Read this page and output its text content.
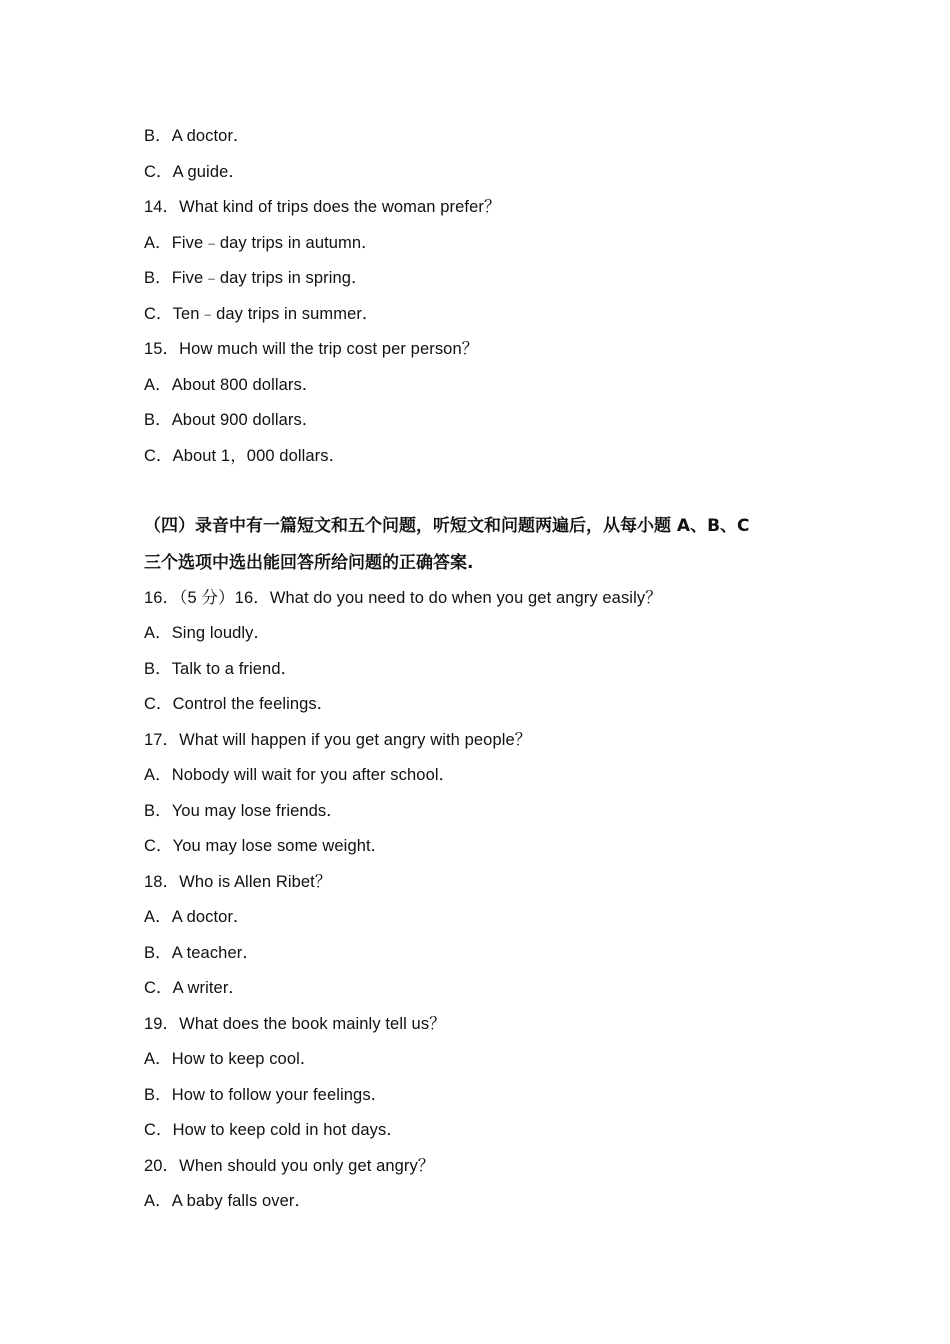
B．A doctor．
C．A guide．
14．What kind of trips does the woman prefer？
A．Five﹣day trips in autumn．
B．Five﹣day trips in spring．
C．Ten﹣day trips in summer．
15．How much will the trip cost per person？
A．About 800 dollars．
B．About 900 dollars．
C．About 1，000 dollars．
（四）录音中有一篇短文和五个问题，听短文和问题两遍后，从每小题 A、B、C
三个选项中选出能回答所给问题的正确答案.
16．（5 分）16．What do you need to do when you get angry easily？
A．Sing loudly．
B．Talk to a friend．
C．Control the feelings．
17．What will happen if you get angry with people？
A．Nobody will wait for you after school．
B．You may lose friends．
C．You may lose some weight．
18．Who is Allen Ribet？
A．A doctor．
B．A teacher．
C．A writer．
19．What does the book mainly tell us？
A．How to keep cool．
B．How to follow your feelings．
C．How to keep cold in hot days．
20．When should you only get angry？
A．A baby falls over．
